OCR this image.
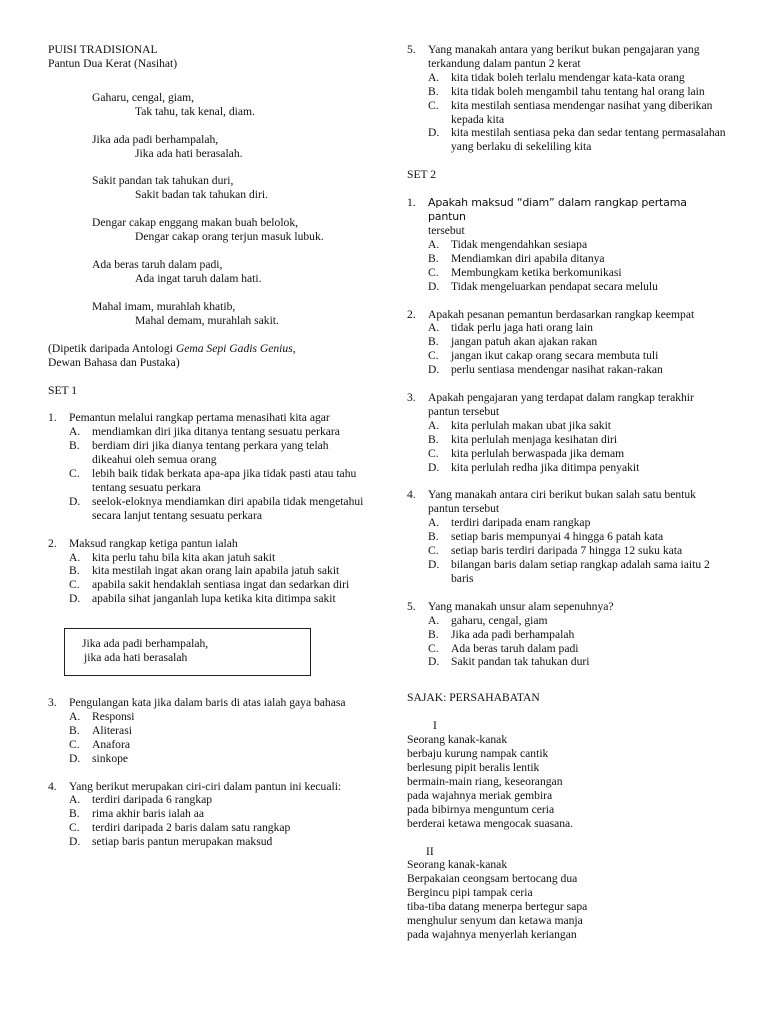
PUISI TRADISIONAL

Pantun Dua Kerat (Nasihat)

Gaharu, cengal, giam,

Tak tahu, tak kenal, diam.

Jika ada padi berhampalah,

Jika ada hati berasalah.

Sakit pandan tak tahukan duri,

Sakit badan tak tahukan diri.

Dengar cakap enggang makan buah belolok,

Dengar cakap orang terjun masuk lubuk.

Ada beras taruh dalam padi,

Ada ingat taruh dalam hati.

Mahal imam, murahlah khatib,

Mahal demam, murahlah sakit.

(Dipetik daripada Antologi Gema Sepi Gadis Genius,

Dewan Bahasa dan Pustaka)

SET 1

1.	Pemantun melalui rangkap pertama menasihati kita agar
A.	mendiamkan diri jika ditanya tentang sesuatu perkara
B.	berdiam diri jika dianya tentang perkara yang telah dikeahui oleh semua orang
C.	lebih baik tidak berkata apa-apa jika tidak pasti atau tahu tentang sesuatu perkara
D.	seelok-eloknya mendiamkan diri apabila tidak mengetahui secara lanjut tentang sesuatu perkara
2.	Maksud rangkap ketiga pantun ialah
A.	kita perlu tahu bila kita akan jatuh sakit
B.	kita mestilah ingat akan orang lain apabila jatuh sakit
C.	apabila sakit hendaklah sentiasa ingat dan sedarkan diri
D.	apabila sihat janganlah lupa ketika kita ditimpa sakit

Jika ada padi berhampalah,

jika ada hati berasalah

3.	Pengulangan kata jika dalam baris di atas ialah gaya bahasa
A.	Responsi
B.	Aliterasi
C.	Anafora
D.	sinkope
4.	Yang berikut merupakan ciri-ciri dalam pantun ini kecuali:
A.	terdiri daripada 6 rangkap
B.	rima akhir baris ialah aa
C.	terdiri daripada 2 baris dalam satu rangkap
D.	setiap baris pantun merupakan maksud
5.	Yang manakah antara yang berikut bukan pengajaran yang terkandung dalam pantun 2 kerat
A.	kita tidak boleh terlalu mendengar kata-kata orang
B.	kita tidak boleh mengambil tahu tentang hal orang lain
C.	kita mestilah sentiasa mendengar nasihat yang diberikan kepada kita
D.	kita mestilah sentiasa peka dan sedar tentang permasalahan yang berlaku di sekeliling kita

SET 2

1.	Apakah maksud “diam” dalam rangkap pertama pantun
tersebut
A.	Tidak mengendahkan sesiapa
B.	Mendiamkan diri apabila ditanya
C.	Membungkam ketika berkomunikasi
D.	Tidak mengeluarkan pendapat secara melulu
2.	Apakah pesanan pemantun berdasarkan rangkap keempat
A.	tidak perlu jaga hati orang lain
B.	jangan patuh akan ajakan rakan
C.	jangan ikut cakap orang secara membuta tuli
D.	perlu sentiasa mendengar nasihat rakan-rakan
3.	Apakah pengajaran yang terdapat dalam rangkap terakhir pantun tersebut
A.	kita perlulah makan ubat jika sakit
B.	kita perlulah menjaga kesihatan diri
C.	kita perlulah berwaspada jika demam
D.	kita perlulah redha jika ditimpa penyakit
4.	Yang manakah antara ciri berikut bukan salah satu bentuk pantun tersebut
A.	terdiri daripada enam rangkap
B.	setiap baris mempunyai 4 hingga 6 patah kata
C.	setiap baris terdiri daripada 7 hingga 12 suku kata
D.	bilangan baris dalam setiap rangkap adalah sama iaitu 2 baris
5.	Yang manakah unsur alam sepenuhnya?
A.	gaharu, cengal, giam
B.	Jika ada padi berhampalah
C.	Ada beras taruh dalam padi
D.	Sakit pandan tak tahukan duri

SAJAK: PERSAHABATAN

I

Seorang kanak-kanak

berbaju kurung nampak cantik

berlesung pipit beralis lentik

bermain-main riang, keseorangan

pada wajahnya meriak gembira

pada bibirnya menguntum ceria

berderai ketawa mengocak suasana.

II

Seorang kanak-kanak

Berpakaian ceongsam bertocang dua

Bergincu pipi tampak ceria

tiba-tiba datang menerpa bertegur sapa

menghulur senyum dan ketawa manja

pada wajahnya menyerlah keriangan
